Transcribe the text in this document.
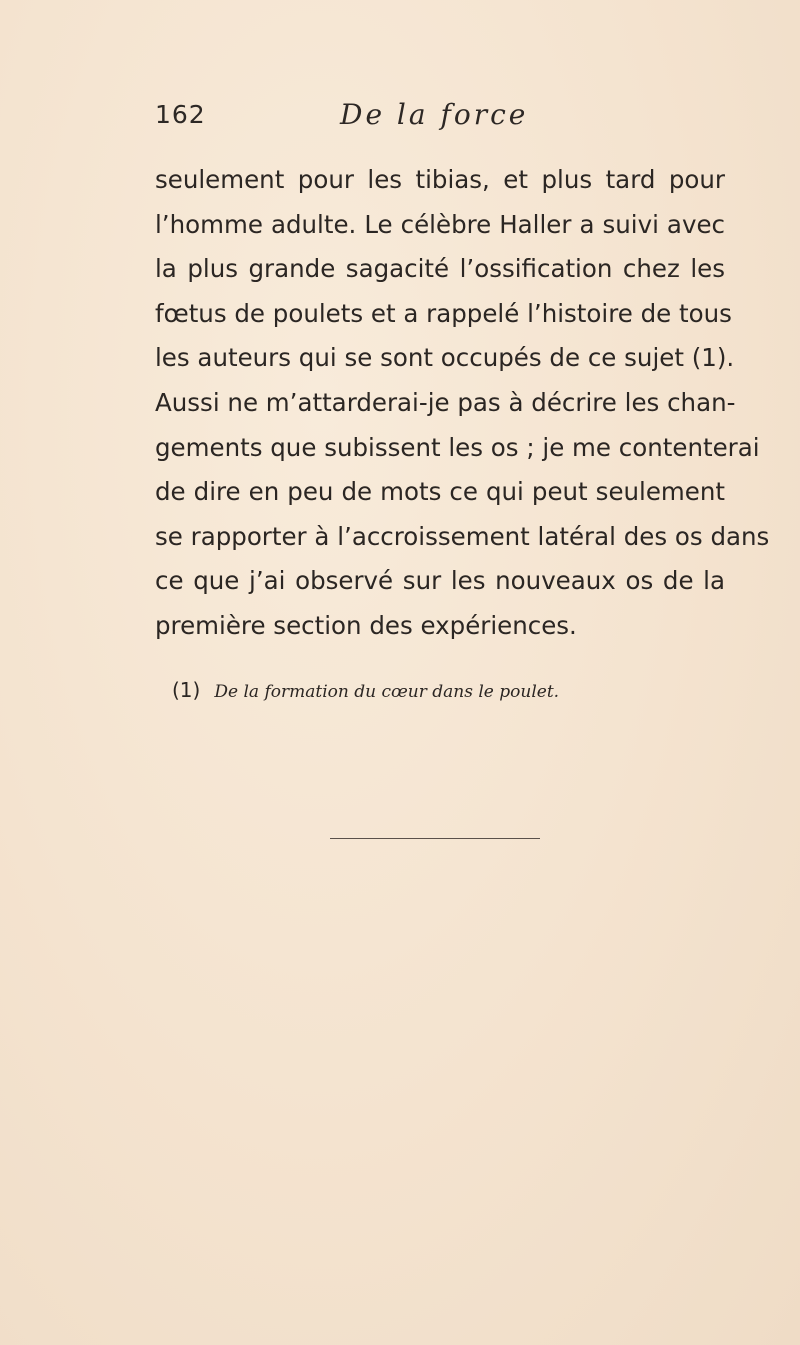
162	De la force
seulement pour les tibias, et plus tard pour
l’homme adulte. Le célèbre Haller a suivi avec
la plus grande sagacité l’ossification chez les
fœtus de poulets et a rappelé l’histoire de tous
les auteurs qui se sont occupés de ce sujet (1).
Aussi ne m’attarderai-je pas à décrire les chan-
gements que subissent les os ; je me contenterai
de dire en peu de mots ce qui peut seulement
se rapporter à l’accroissement latéral des os dans
ce que j’ai observé sur les nouveaux os de la
première section des expériences.
(1) De la formation du cœur dans le poulet.
